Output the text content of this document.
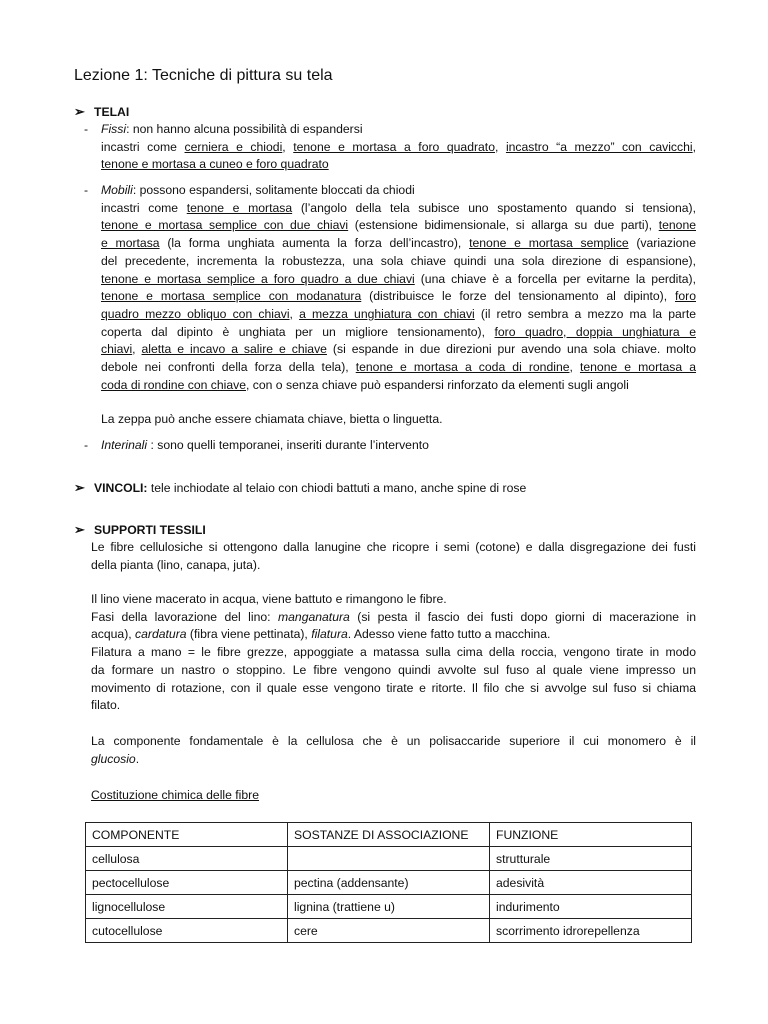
Lezione 1: Tecniche di pittura su tela
➢ TELAI
- Fissi: non hanno alcuna possibilità di espandersi
incastri come cerniera e chiodi, tenone e mortasa a foro quadrato, incastro “a mezzo” con cavicchi,
tenone e mortasa a cuneo e foro quadrato
- Mobili: possono espandersi, solitamente bloccati da chiodi
incastri come tenone e mortasa (l’angolo della tela subisce uno spostamento quando si tensiona),
tenone e mortasa semplice con due chiavi (estensione bidimensionale, si allarga su due parti), tenone
e mortasa (la forma unghiata aumenta la forza dell’incastro), tenone e mortasa semplice (variazione
del precedente, incrementa la robustezza, una sola chiave quindi una sola direzione di espansione),
tenone e mortasa semplice a foro quadro a due chiavi (una chiave è a forcella per evitarne la perdita),
tenone e mortasa semplice con modanatura (distribuisce le forze del tensionamento al dipinto), foro
quadro mezzo obliquo con chiavi, a mezza unghiatura con chiavi (il retro sembra a mezzo ma la parte
coperta dal dipinto è unghiata per un migliore tensionamento), foro quadro, doppia unghiatura e
chiavi, aletta e incavo a salire e chiave (si espande in due direzioni pur avendo una sola chiave. molto
debole nei confronti della forza della tela), tenone e mortasa a coda di rondine, tenone e mortasa a
coda di rondine con chiave, con o senza chiave può espandersi rinforzato da elementi sugli angoli
La zeppa può anche essere chiamata chiave, bietta o linguetta.
- Interinali : sono quelli temporanei, inseriti durante l’intervento
➢ VINCOLI: tele inchiodate al telaio con chiodi battuti a mano, anche spine di rose
➢ SUPPORTI TESSILI
Le fibre cellulosiche si ottengono dalla lanugine che ricopre i semi (cotone) e dalla disgregazione dei fusti
della pianta (lino, canapa, juta).
Il lino viene macerato in acqua, viene battuto e rimangono le fibre.
Fasi della lavorazione del lino: manganatura (si pesta il fascio dei fusti dopo giorni di macerazione in
acqua), cardatura (fibra viene pettinata), filatura. Adesso viene fatto tutto a macchina.
Filatura a mano = le fibre grezze, appoggiate a matassa sulla cima della roccia, vengono tirate in modo
da formare un nastro o stoppino. Le fibre vengono quindi avvolte sul fuso al quale viene impresso un
movimento di rotazione, con il quale esse vengono tirate e ritorte. Il filo che si avvolge sul fuso si chiama
filato.
La componente fondamentale è la cellulosa che è un polisaccaride superiore il cui monomero è il
glucosio.
Costituzione chimica delle fibre
COMPONENTE	SOSTANZE DI ASSOCIAZIONE	FUNZIONE
cellulosa		strutturale
pectocellulose	pectina (addensante)	adesività
lignocellulose	lignina (trattiene u)	indurimento
cutocellulose	cere	scorrimento idrorepellenza
